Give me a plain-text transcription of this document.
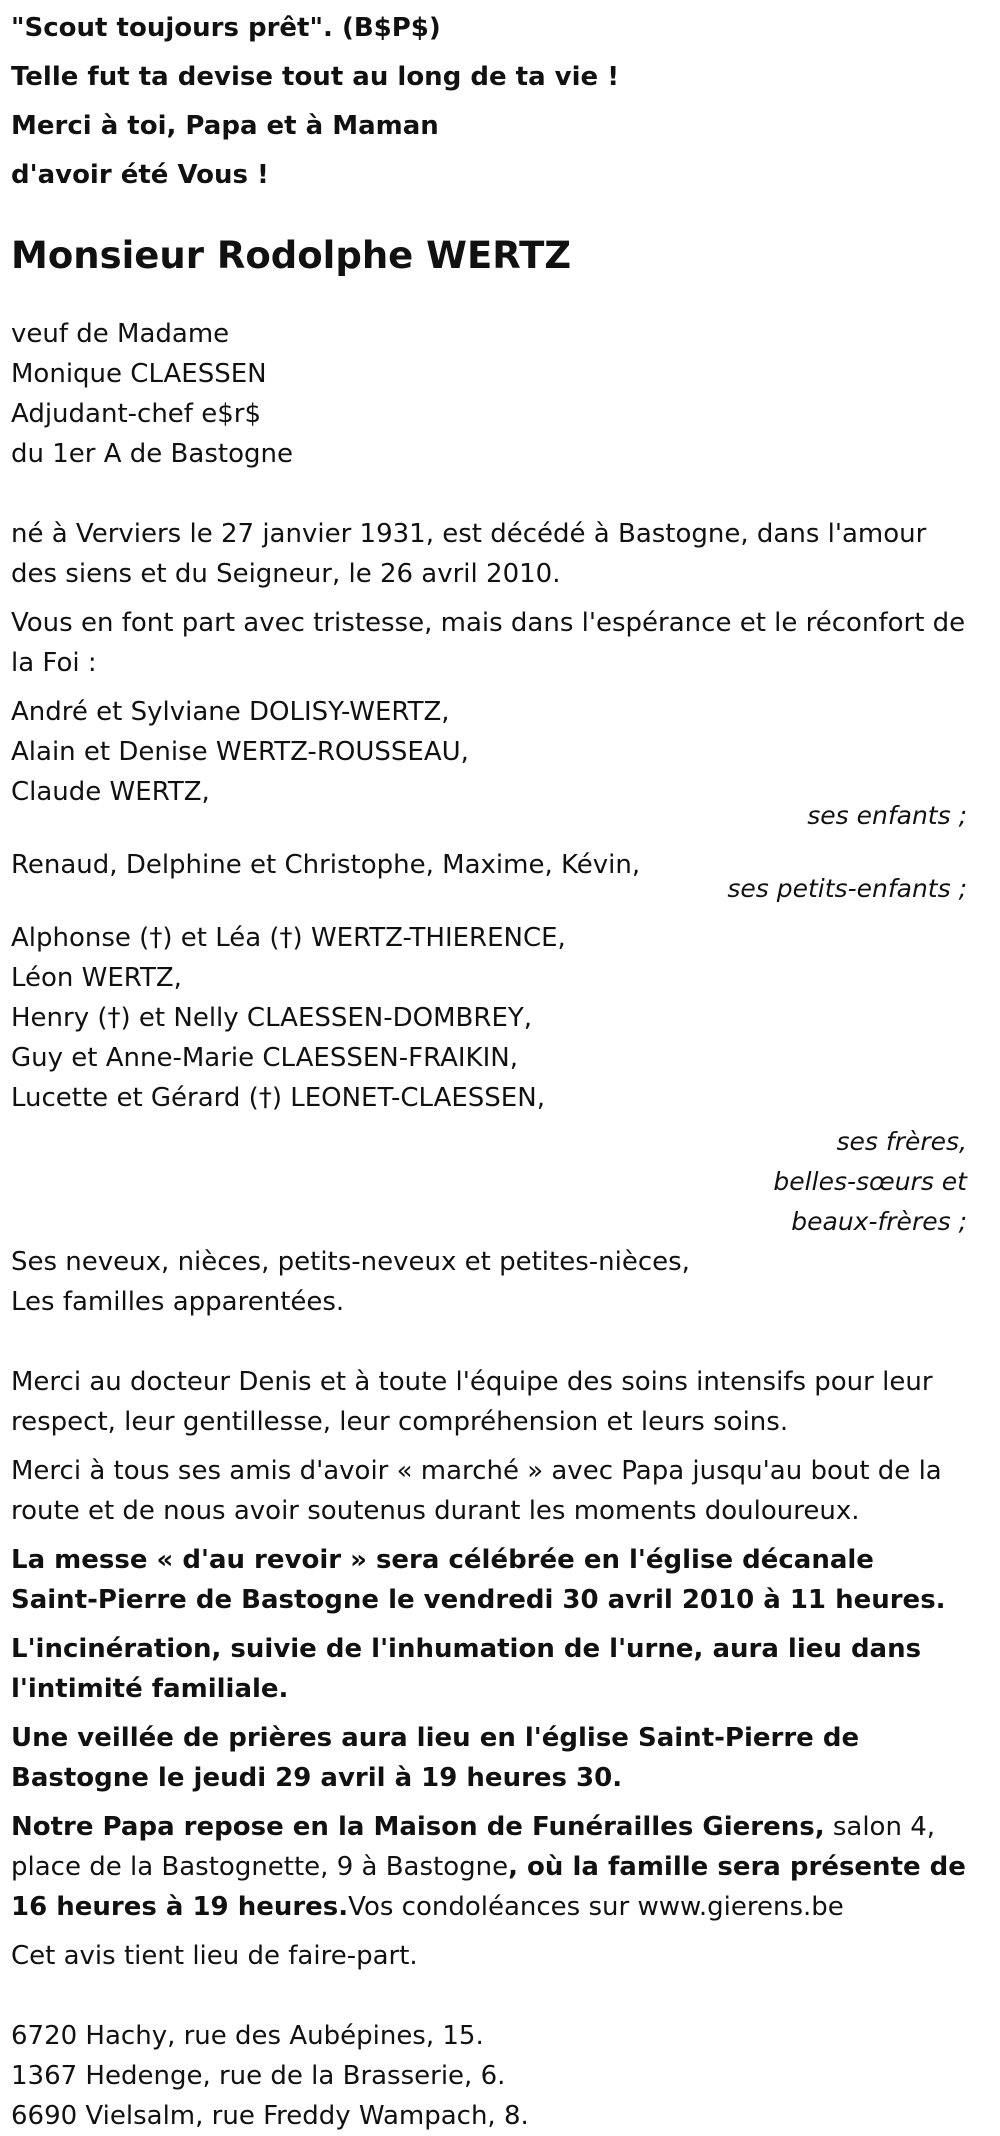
"Scout toujours prêt". (B$P$)

Telle fut ta devise tout au long de ta vie !

Merci à toi, Papa et à Maman

d'avoir été Vous !

Monsieur Rodolphe WERTZ

veuf de Madame

Monique CLAESSEN

Adjudant-chef e$r$

du 1er A de Bastogne

né à Verviers le 27 janvier 1931, est décédé à Bastogne, dans l'amour des siens et du Seigneur, le 26 avril 2010.

Vous en font part avec tristesse, mais dans l'espérance et le réconfort de la Foi :

André et Sylviane DOLISY-WERTZ,

Alain et Denise WERTZ-ROUSSEAU,

Claude WERTZ,

ses enfants ;

Renaud, Delphine et Christophe, Maxime, Kévin,

ses petits-enfants ;

Alphonse (†) et Léa (†) WERTZ-THIERENCE,

Léon WERTZ,

Henry (†) et Nelly CLAESSEN-DOMBREY,

Guy et Anne-Marie CLAESSEN-FRAIKIN,

Lucette et Gérard (†) LEONET-CLAESSEN,

ses frères,

belles-sœurs et

beaux-frères ;

Ses neveux, nièces, petits-neveux et petites-nièces,

Les familles apparentées.

Merci au docteur Denis et à toute l'équipe des soins intensifs pour leur respect, leur gentillesse, leur compréhension et leurs soins.

Merci à tous ses amis d'avoir « marché » avec Papa jusqu'au bout de la route et de nous avoir soutenus durant les moments douloureux.

La messe « d'au revoir » sera célébrée en l'église décanale Saint-Pierre de Bastogne le vendredi 30 avril 2010 à 11 heures.

L'incinération, suivie de l'inhumation de l'urne, aura lieu dans l'intimité familiale.

Une veillée de prières aura lieu en l'église Saint-Pierre de Bastogne le jeudi 29 avril à 19 heures 30.

Notre Papa repose en la Maison de Funérailles Gierens, salon 4, place de la Bastognette, 9 à Bastogne, où la famille sera présente de 16 heures à 19 heures.Vos condoléances sur www.gierens.be

Cet avis tient lieu de faire-part.

6720 Hachy, rue des Aubépines, 15.

1367 Hedenge, rue de la Brasserie, 6.

6690 Vielsalm, rue Freddy Wampach, 8.
